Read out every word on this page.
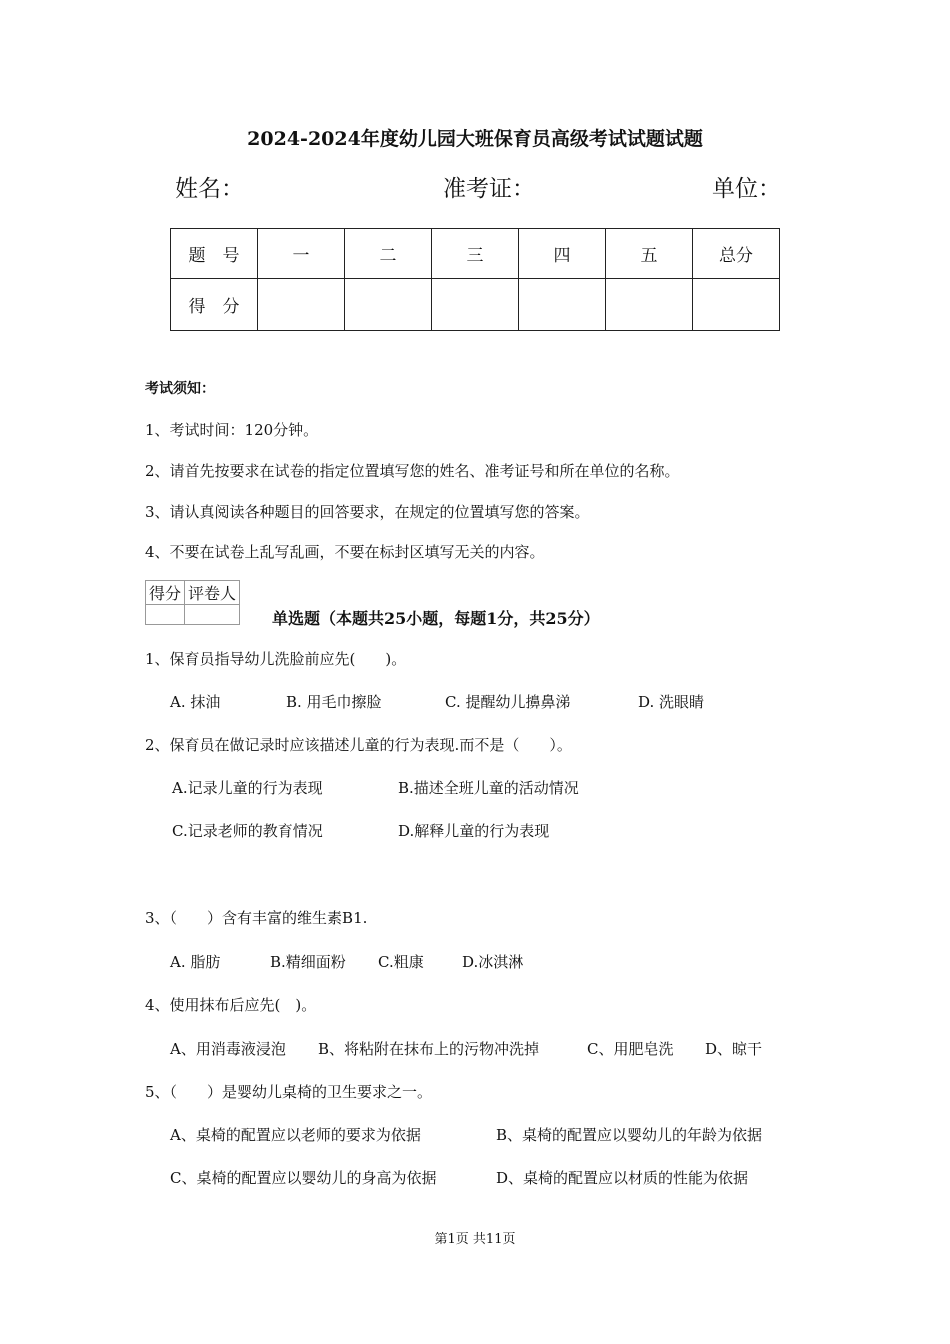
2024-2024年度幼儿园大班保育员高级考试试题试题
姓名：	准考证：	单位：
题　号	一	二	三	四	五	总分
得　分						
考试须知：
1、考试时间：120分钟。
2、请首先按要求在试卷的指定位置填写您的姓名、准考证号和所在单位的名称。
3、请认真阅读各种题目的回答要求，在规定的位置填写您的答案。
4、不要在试卷上乱写乱画，不要在标封区填写无关的内容。
得分	评卷人

单选题（本题共25小题，每题1分，共25分）
1、保育员指导幼儿洗脸前应先(　　)。
A. 抹油	B. 用毛巾擦脸	C. 提醒幼儿擤鼻涕	D. 洗眼睛
2、保育员在做记录时应该描述儿童的行为表现.而不是（　　）。
A.记录儿童的行为表现	B.描述全班儿童的活动情况
C.记录老师的教育情况	D.解释儿童的行为表现
3、（　　）含有丰富的维生素B1.
A. 脂肪	B.精细面粉 C.粗康	D.冰淇淋
4、使用抹布后应先(　)。
A、用消毒液浸泡 B、将粘附在抹布上的污物冲洗掉	C、用肥皂洗 D、晾干
5、（　　）是婴幼儿桌椅的卫生要求之一。
A、桌椅的配置应以老师的要求为依据	B、桌椅的配置应以婴幼儿的年龄为依据
C、桌椅的配置应以婴幼儿的身高为依据	D、桌椅的配置应以材质的性能为依据
第1页 共11页
